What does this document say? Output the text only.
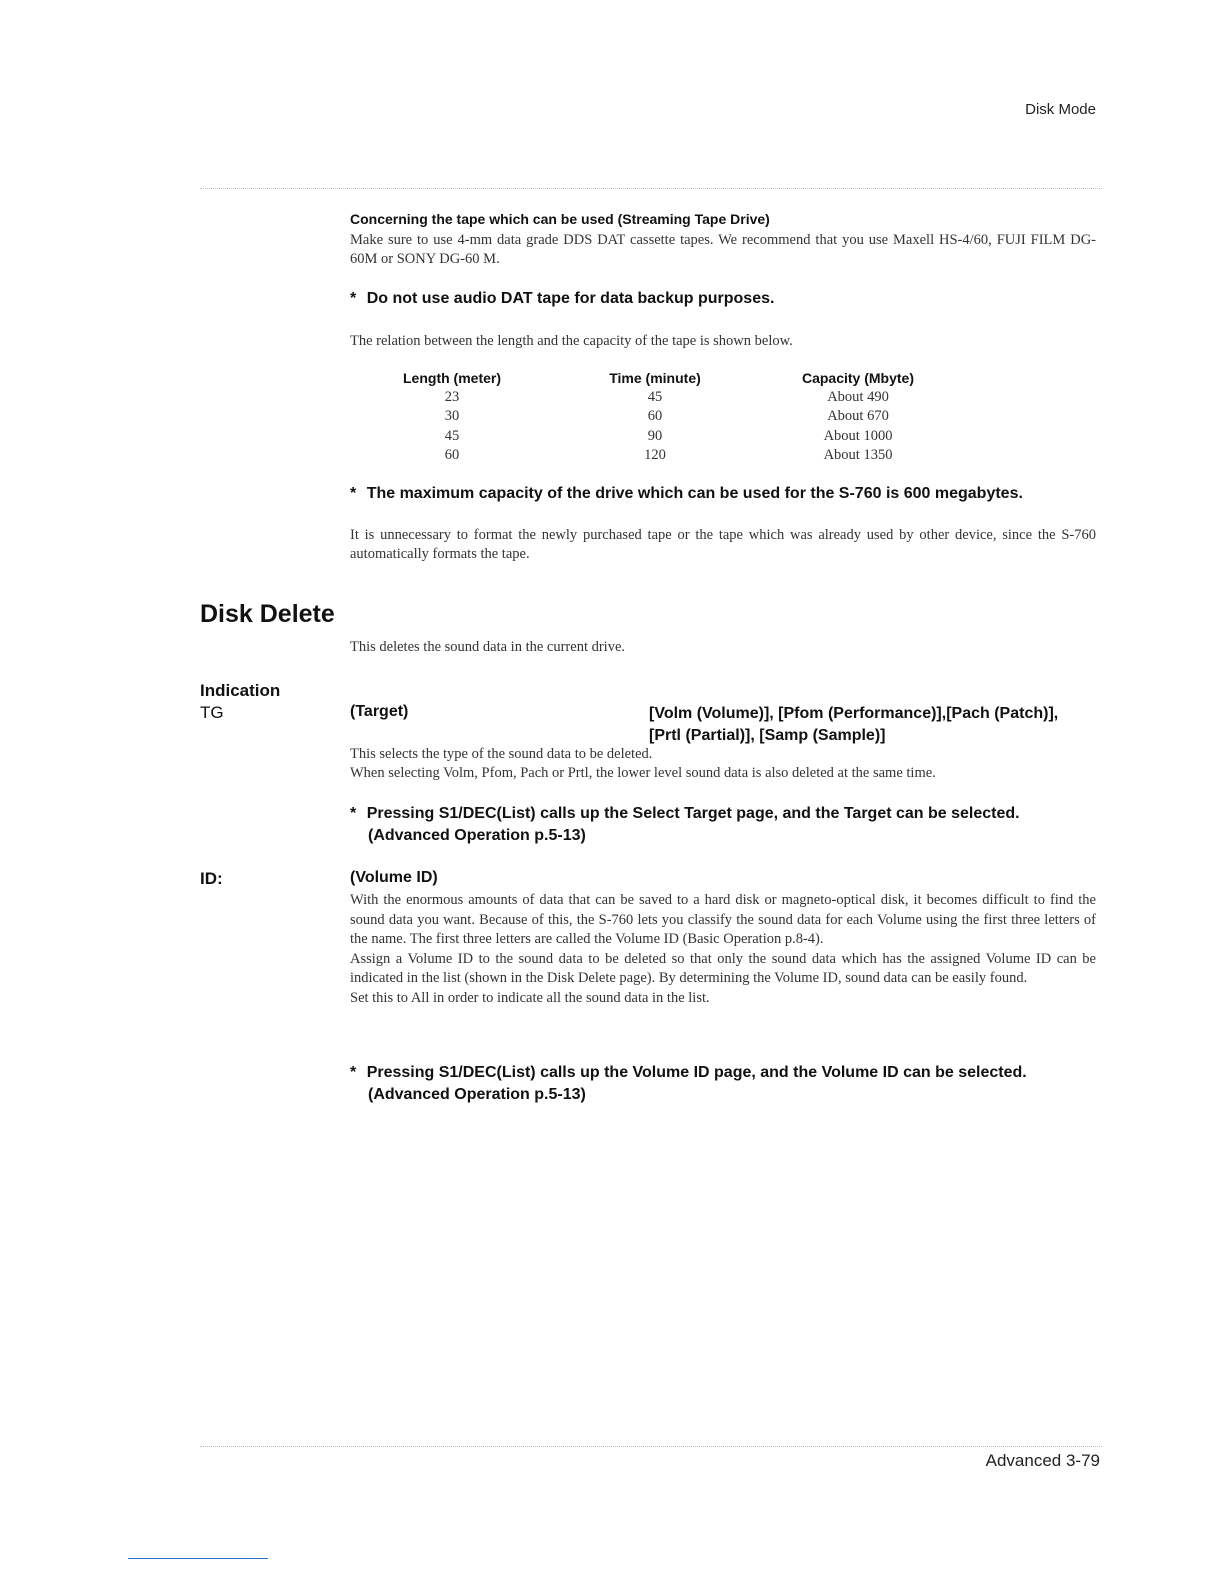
Disk Mode
Concerning the tape which can be used (Streaming Tape Drive)
Make sure to use 4-mm data grade DDS DAT cassette tapes. We recommend that you use Maxell HS-4/60, FUJI FILM DG-60M or SONY DG-60 M.
* Do not use audio DAT tape for data backup purposes.
The relation between the length and the capacity of the tape is shown below.
Length (meter)	Time (minute)	Capacity (Mbyte)
23	45	About 490
30	60	About 670
45	90	About 1000
60	120	About 1350
* The maximum capacity of the drive which can be used for the S-760 is 600 megabytes.
It is unnecessary to format the newly purchased tape or the tape which was already used by other device, since the S-760 automatically formats the tape.
Disk Delete
This deletes the sound data in the current drive.
Indication
TG	(Target)	[Volm (Volume)], [Pfom (Performance)],[Pach (Patch)],
[Prtl (Partial)], [Samp (Sample)]
This selects the type of the sound data to be deleted.
When selecting Volm, Pfom, Pach or Prtl, the lower level sound data is also deleted at the same time.
* Pressing S1/DEC(List) calls up the Select Target page, and the Target can be selected.
(Advanced Operation p.5-13)
ID:	(Volume ID)
With the enormous amounts of data that can be saved to a hard disk or magneto-optical disk, it becomes difficult to find the sound data you want. Because of this, the S-760 lets you classify the sound data for each Volume using the first three letters of the name. The first three letters are called the Volume ID (Basic Operation p.8-4).
Assign a Volume ID to the sound data to be deleted so that only the sound data which has the assigned Volume ID can be indicated in the list (shown in the Disk Delete page). By determining the Volume ID, sound data can be easily found.
Set this to All in order to indicate all the sound data in the list.
* Pressing S1/DEC(List) calls up the Volume ID page, and the Volume ID can be selected.
(Advanced Operation p.5-13)
Advanced 3-79
